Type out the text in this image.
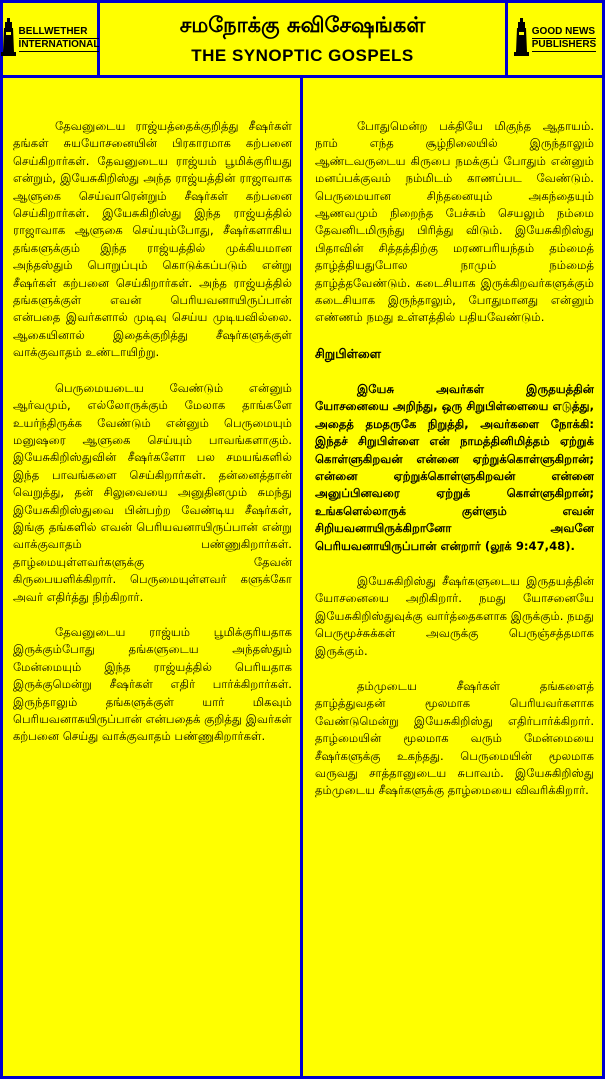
BELLWETHER
INTERNATIONAL
சமநோக்கு சுவிசேஷங்கள்
THE SYNOPTIC GOSPELS
GOOD NEWS
PUBLISHERS

தேவனுடைய ராஜ்யத்தைக்குறித்து சீஷர்கள் தங்கள் சுயயோசனையின் பிரகாரமாக கற்பனை செய்கிறார்கள். தேவனுடைய ராஜ்யம் பூமிக்குரியது என்றும், இயேசுகிறிஸ்து அந்த ராஜ்யத்தின் ராஜாவாக ஆளுகை செய்வாரென்றும் சீஷர்கள் கற்பனை செய்கிறார்கள். இயேசுகிறிஸ்து இந்த ராஜ்யத்தில் ராஜாவாக ஆளுகை செய்யும்போது, சீஷர்களாகிய தங்களுக்கும் இந்த ராஜ்யத்தில் முக்கியமான அந்தஸ்தும் பொறுப்பும் கொடுக்கப்படும் என்று சீஷர்கள் கற்பனை செய்கிறார்கள். அந்த ராஜ்யத்தில் தங்களுக்குள் எவன் பெரியவனாயிருப்பான் என்பதை இவர்களால் முடிவு செய்ய முடியவில்லை. ஆகையினால் இதைக்குறித்து சீஷர்களுக்குள் வாக்குவாதம் உண்டாயிற்று.

பெருமையடைய வேண்டும் என்னும் ஆர்வமும், எல்லோருக்கும் மேலாக தாங்களே உயர்ந்திருக்க வேண்டும் என்னும் பெருமையும் மனுஷரை ஆளுகை செய்யும் பாவங்களாகும். இயேசுகிறிஸ்துவின் சீஷர்களோ பல சமயங்களில் இந்த பாவங்களை செய்கிறார்கள். தன்னைத்தான் வெறுத்து, தன் சிலுவையை அனுதினமும் சுமந்து இயேசுகிறிஸ்துவை பின்பற்ற வேண்டிய சீஷர்கள், இங்கு தங்களில் எவன் பெரியவனாயிருப்பான் என்று வாக்குவாதம் பண்ணுகிறார்கள். தாழ்மையுள்ளவர்களுக்கு தேவன் கிருபையளிக்கிறார். பெருமையுள்ளவர் களுக்கோ அவர் எதிர்த்து நிற்கிறார்.

தேவனுடைய ராஜ்யம் பூமிக்குரியதாக இருக்கும்போது தங்களுடைய அந்தஸ்தும் மேன்மையும் இந்த ராஜ்யத்தில் பெரியதாக இருக்குமென்று சீஷர்கள் எதிர் பார்க்கிறார்கள். இருந்தாலும் தங்களுக்குள் யார் மிகவும் பெரியவனாகயிருப்பான் என்பதைக் குறித்து இவர்கள் கற்பனை செய்து வாக்குவாதம் பண்ணுகிறார்கள்.

போதுமென்ற பக்தியே மிகுந்த ஆதாயம். நாம் எந்த சூழ்நிலையில் இருந்தாலும் ஆண்டவருடைய கிருபை நமக்குப் போதும் என்னும் மனப்பக்குவம் நம்மிடம் காணப்பட வேண்டும். பெருமையான சிந்தனையும் அகந்தையும் ஆணவமும் நிறைந்த பேச்சும் செயலும் நம்மை தேவனிடமிருந்து பிரித்து விடும். இயேசுகிறிஸ்து பிதாவின் சித்தத்திற்கு மரணபரியந்தம் தம்மைத் தாழ்த்தியதுபோல நாமும் நம்மைத் தாழ்த்தவேண்டும். கடைசியாக இருக்கிறவர்களுக்கும் கடைசியாக இருந்தாலும், போதுமானது என்னும் எண்ணம் நமது உள்ளத்தில் பதியவேண்டும்.

சிறுபிள்ளை

இயேசு அவர்கள் இருதயத்தின் யோசனையை அறிந்து, ஒரு சிறுபிள்ளையை எடுத்து, அதைத் தமதருகே நிறுத்தி, அவர்களை நோக்கி: இந்தச் சிறுபிள்ளை என் நாமத்தினிமித்தம் ஏற்றுக் கொள்ளுகிறவன் என்னை ஏற்றுக்கொள்ளுகிறான்; என்னை ஏற்றுக்கொள்ளுகிறவன் என்னை அனுப்பினவரை ஏற்றுக் கொள்ளுகிறான்; உங்களெல்லாருக் குள்ளும் எவன் சிறியவனாயிருக்கிறானோ அவனே பெரியவனாயிருப்பான் என்றார் (லூக் 9:47,48).

இயேசுகிறிஸ்து சீஷர்களுடைய இருதயத்தின் யோசனையை அறிகிறார். நமது யோசனையே இயேசுகிறிஸ்துவுக்கு வார்த்தைகளாக இருக்கும். நமது பெருமூச்சுக்கள் அவருக்கு பெருஞ்சத்தமாக இருக்கும்.

தம்முடைய சீஷர்கள் தங்களைத் தாழ்த்துவதன் மூலமாக பெரியவர்களாக வேண்டுமென்று இயேசுகிறிஸ்து எதிர்பார்க்கிறார். தாழ்மையின் மூலமாக வரும் மேன்மையை சீஷர்களுக்கு உகந்தது. பெருமையின் மூலமாக வருவது சாத்தானுடைய சுபாவம். இயேசுகிறிஸ்து தம்முடைய சீஷர்களுக்கு தாழ்மையை விவரிக்கிறார்.
